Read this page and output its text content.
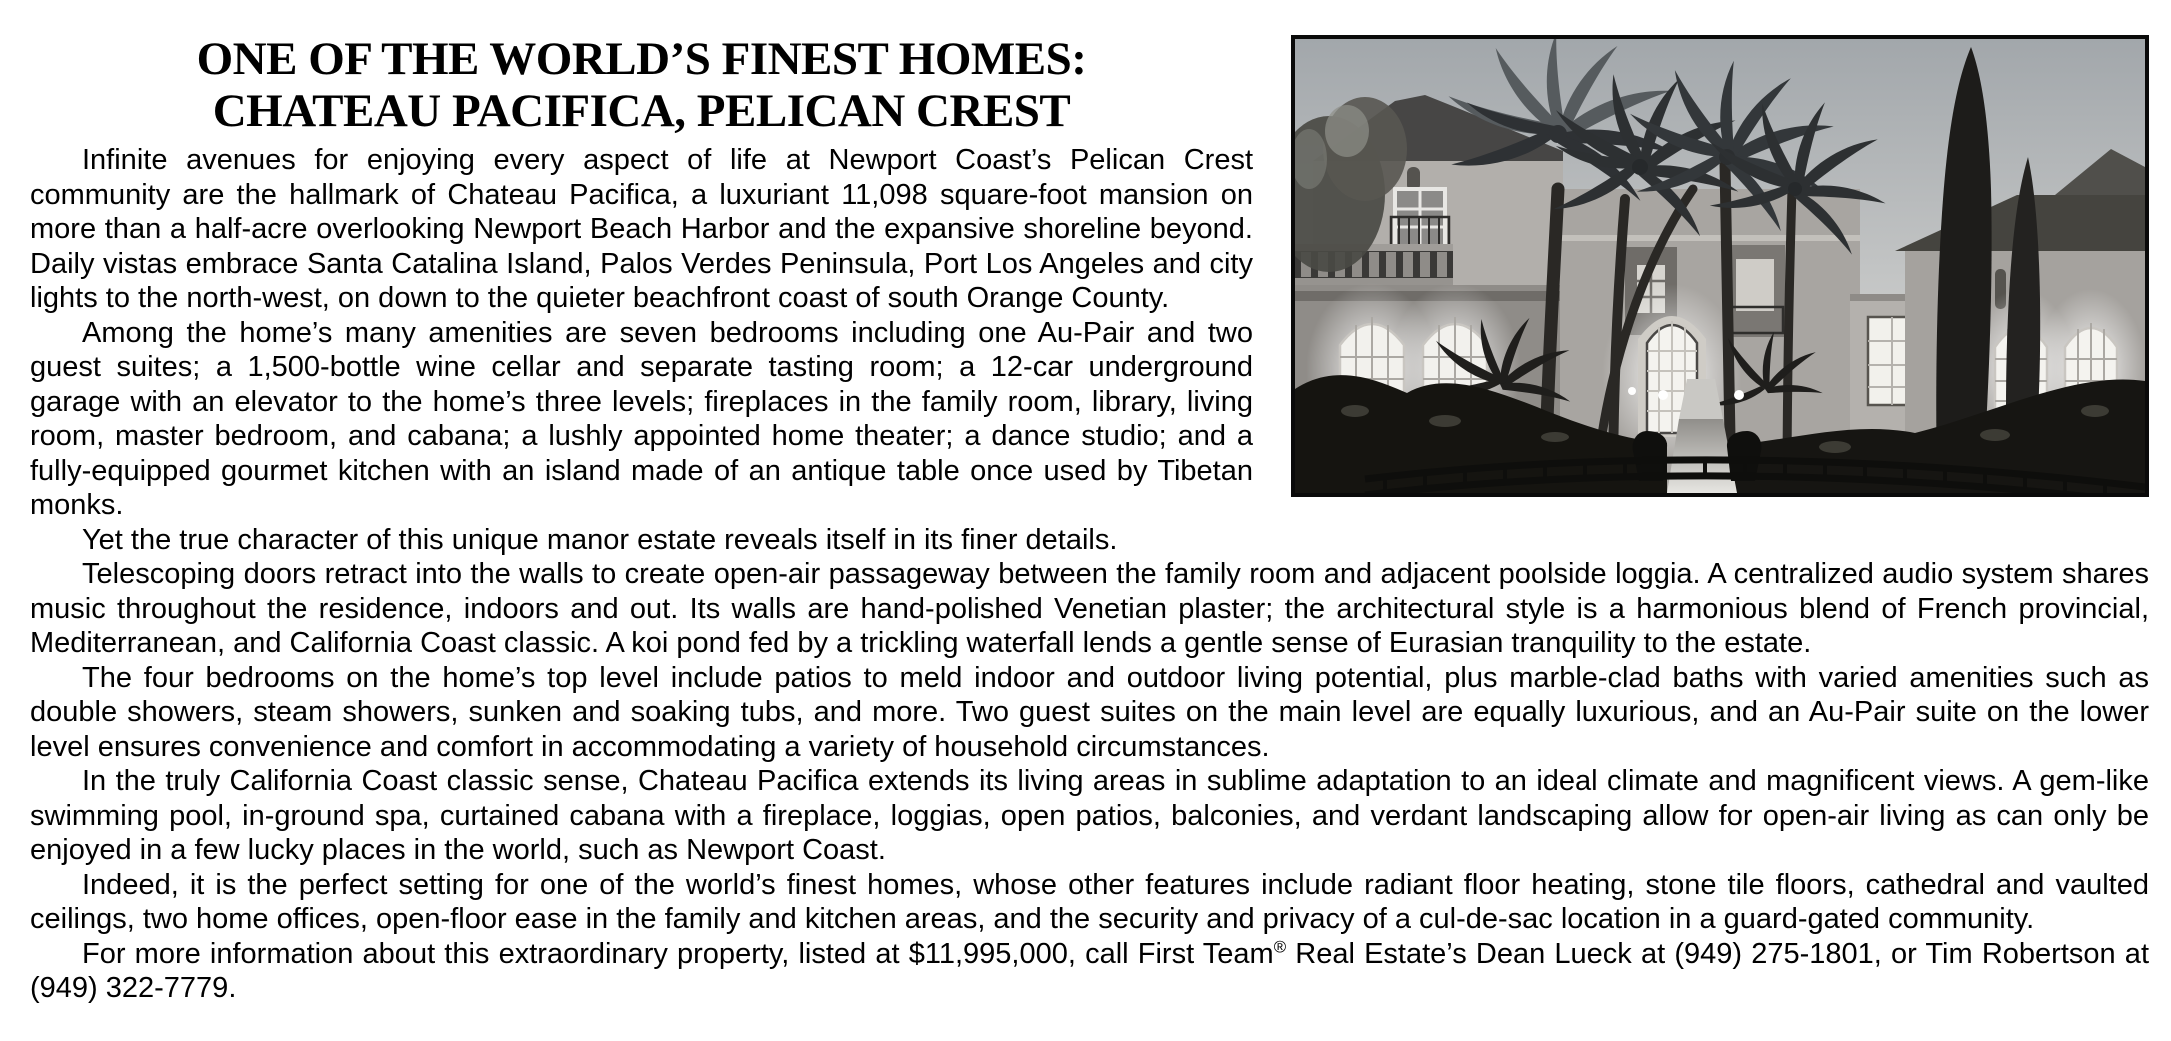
ONE OF THE WORLD’S FINEST HOMES:
CHATEAU PACIFICA, PELICAN CREST

Infinite avenues for enjoying every aspect of life at Newport Coast’s Pelican Crest community are the hallmark of Chateau Pacifica, a luxuriant 11,098 square-foot mansion on more than a half-acre overlooking Newport Beach Harbor and the expansive shoreline beyond. Daily vistas embrace Santa Catalina Island, Palos Verdes Peninsula, Port Los Angeles and city lights to the north-west, on down to the quieter beachfront coast of south Orange County.

Among the home’s many amenities are seven bedrooms including one Au-Pair and two guest suites; a 1,500-bottle wine cellar and separate tasting room; a 12-car underground garage with an elevator to the home’s three levels; fireplaces in the family room, library, living room, master bedroom, and cabana; a lushly appointed home theater; a dance studio; and a fully-equipped gourmet kitchen with an island made of an antique table once used by Tibetan monks.

Yet the true character of this unique manor estate reveals itself in its finer details.

Telescoping doors retract into the walls to create open-air passageway between the family room and adjacent poolside loggia. A centralized audio system shares music throughout the residence, indoors and out. Its walls are hand-polished Venetian plaster; the architectural style is a harmonious blend of French provincial, Mediterranean, and California Coast classic. A koi pond fed by a trickling waterfall lends a gentle sense of Eurasian tranquility to the estate.

The four bedrooms on the home’s top level include patios to meld indoor and outdoor living potential, plus marble-clad baths with varied amenities such as double showers, steam showers, sunken and soaking tubs, and more. Two guest suites on the main level are equally luxurious, and an Au-Pair suite on the lower level ensures convenience and comfort in accommodating a variety of household circumstances.

In the truly California Coast classic sense, Chateau Pacifica extends its living areas in sublime adaptation to an ideal climate and magnificent views. A gem-like swimming pool, in-ground spa, curtained cabana with a fireplace, loggias, open patios, balconies, and verdant landscaping allow for open-air living as can only be enjoyed in a few lucky places in the world, such as Newport Coast.

Indeed, it is the perfect setting for one of the world’s finest homes, whose other features include radiant floor heating, stone tile floors, cathedral and vaulted ceilings, two home offices, open-floor ease in the family and kitchen areas, and the security and privacy of a cul-de-sac location in a guard-gated community.

For more information about this extraordinary property, listed at $11,995,000, call First Team® Real Estate’s Dean Lueck at (949) 275-1801, or Tim Robertson at (949) 322-7779.
